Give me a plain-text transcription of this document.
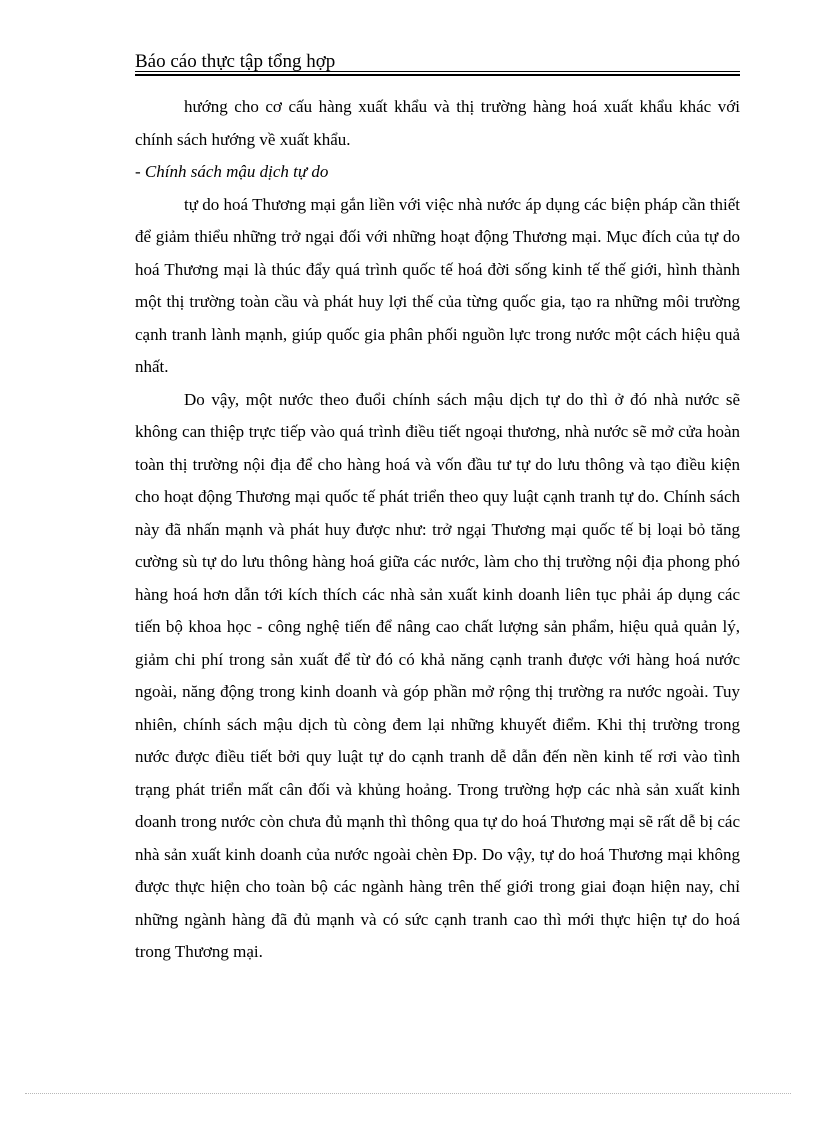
Báo cáo thực tập tổng hợp

hướng cho cơ cấu hàng xuất khẩu và thị trường hàng hoá xuất khẩu khác với chính sách hướng về xuất khẩu.

- Chính sách mậu dịch tự do

tự do hoá Thương mại gắn liền với việc nhà nước áp dụng các biện pháp cần thiết để giảm thiểu những trở ngại đối với những hoạt động Thương mại. Mục đích của tự do hoá Thương mại là thúc đẩy quá trình quốc tế hoá đời sống kinh tế thế giới, hình thành một thị trường toàn cầu và phát huy lợi thế của từng quốc gia, tạo ra những môi trường cạnh tranh lành mạnh, giúp quốc gia phân phối nguồn lực trong nước một cách hiệu quả nhất.

Do vậy, một nước theo đuổi chính sách mậu dịch tự do thì ở đó nhà nước sẽ không can thiệp trực tiếp vào quá trình điều tiết ngoại thương, nhà nước sẽ mở cửa hoàn toàn thị trường nội địa để cho hàng hoá và vốn đầu tư tự do lưu thông và tạo điều kiện cho hoạt động Thương mại quốc tế phát triển theo quy luật cạnh tranh tự do. Chính sách này đã nhấn mạnh và phát huy được như: trở ngại Thương mại quốc tế bị loại bỏ tăng cường sù tự do lưu thông hàng hoá giữa các nước, làm cho thị trường nội địa phong phó hàng hoá hơn dẫn tới kích thích các nhà sản xuất kinh doanh liên tục phải áp dụng các tiến bộ khoa học - công nghệ tiến để nâng cao chất lượng sản phẩm, hiệu quả quản lý, giảm chi phí trong sản xuất để từ đó có khả năng cạnh tranh được với hàng hoá nước ngoài, năng động trong kinh doanh và góp phần mở rộng thị trường ra nước ngoài. Tuy nhiên, chính sách mậu dịch tù còng đem lại những khuyết điểm. Khi thị trường trong nước được điều tiết bởi quy luật tự do cạnh tranh dễ dẫn đến nền kinh tế rơi vào tình trạng phát triển mất cân đối và khủng hoảng. Trong trường hợp các nhà sản xuất kinh doanh trong nước còn chưa đủ mạnh thì thông qua tự do hoá Thương mại sẽ rất dễ bị các nhà sản xuất kinh doanh của nước ngoài chèn Đp. Do vậy, tự do hoá Thương mại không được thực hiện cho toàn bộ các ngành hàng trên thế giới trong giai đoạn hiện nay, chỉ những ngành hàng đã đủ mạnh và có sức cạnh tranh cao thì mới thực hiện tự do hoá trong Thương mại.
